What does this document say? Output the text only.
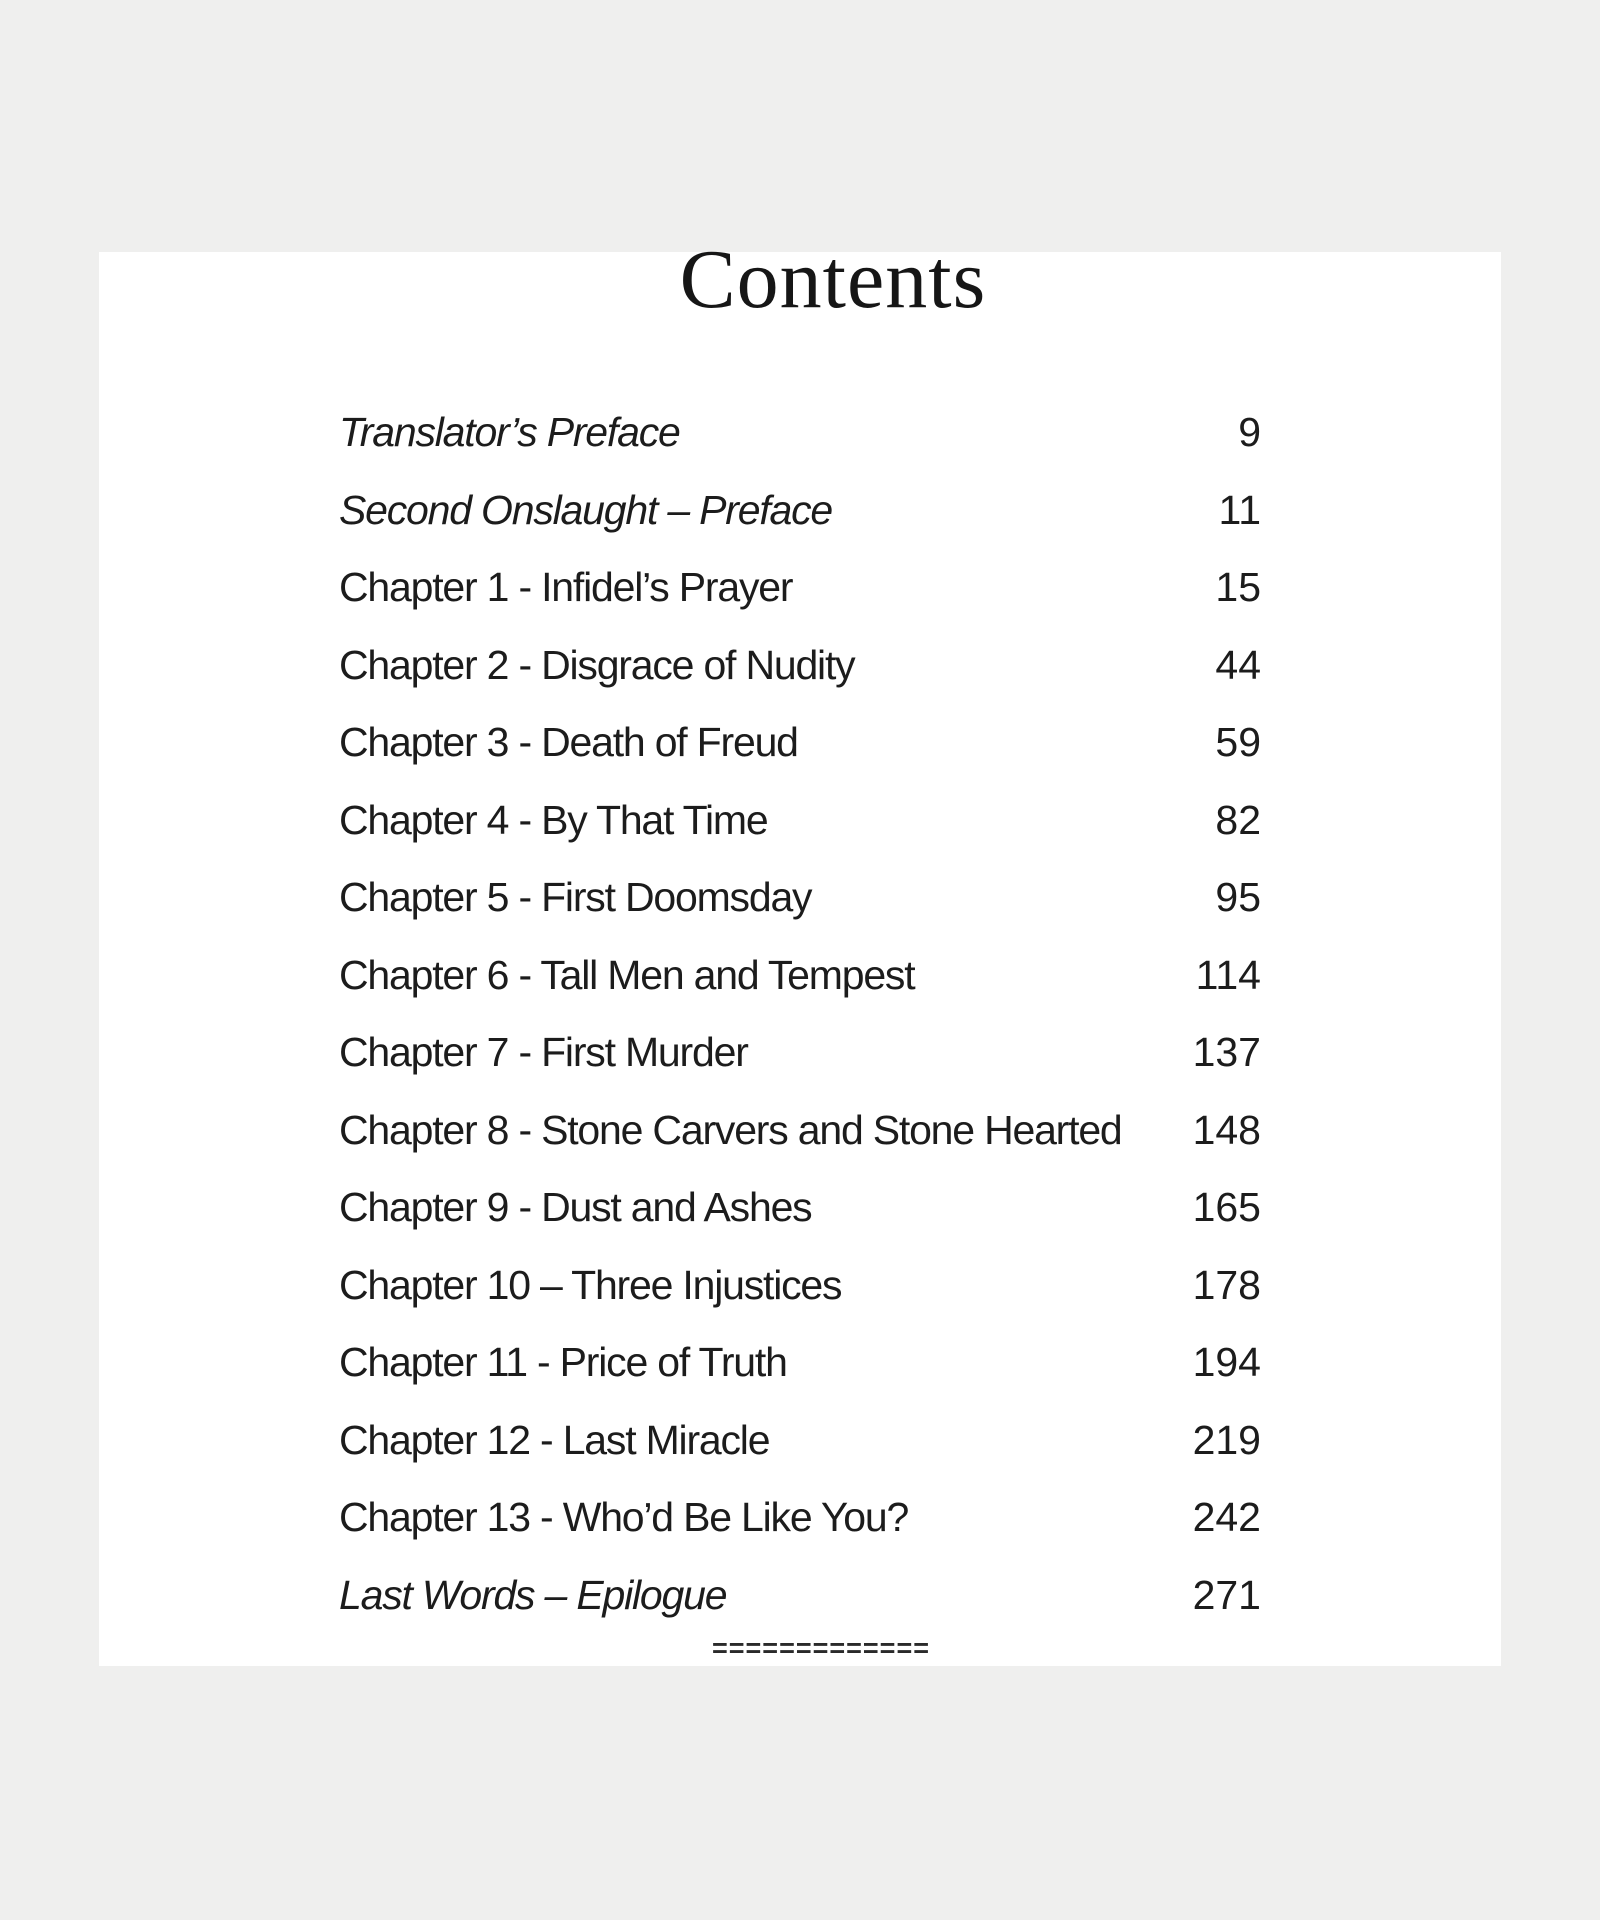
Contents
Translator’s Preface	9
Second Onslaught – Preface	11
Chapter 1 - Infidel’s Prayer	15
Chapter 2 - Disgrace of Nudity	44
Chapter 3 - Death of Freud	59
Chapter 4 - By That Time	82
Chapter 5 - First Doomsday	95
Chapter 6 - Tall Men and Tempest	114
Chapter 7 - First Murder	137
Chapter 8 - Stone Carvers and Stone Hearted 148
Chapter 9 - Dust and Ashes	165
Chapter 10 – Three Injustices	178
Chapter 11 - Price of Truth	194
Chapter 12 - Last Miracle	219
Chapter 13 - Who’d Be Like You?	242
Last Words – Epilogue	271
=============
